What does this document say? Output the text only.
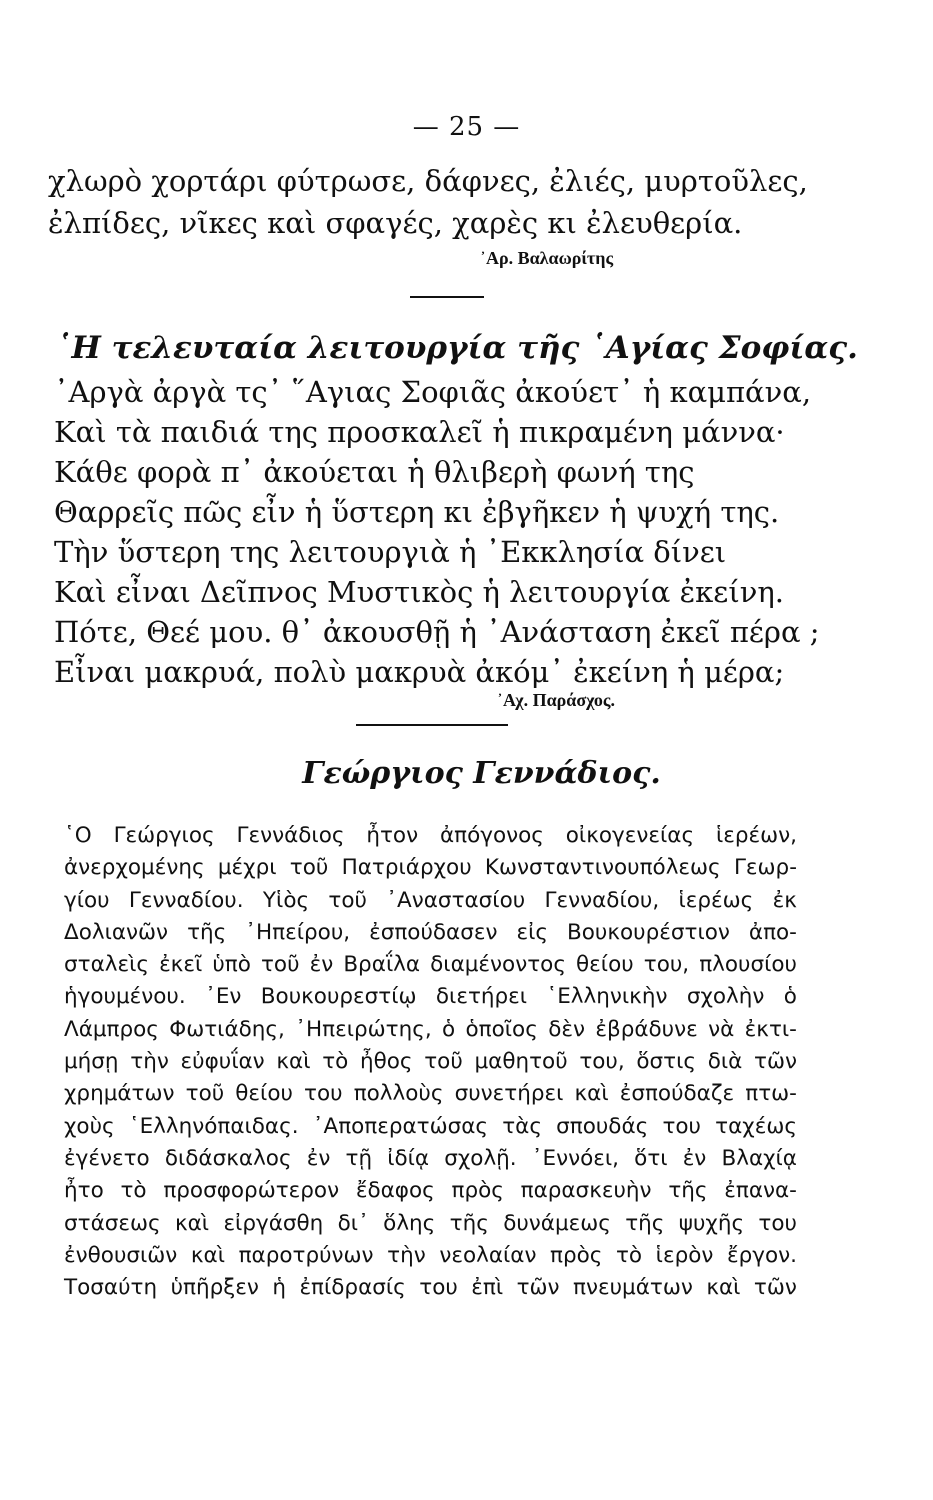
— 25 —
χλωρὸ χορτάρι φύτρωσε, δάφνες, ἐλιές, μυρτοῦλες,
ἐλπίδες, νῖκες καὶ σφαγές, χαρὲς κι ἐλευθερία.
᾿Αρ. Βαλαωρίτης
῾Η τελευταία λειτουργία τῆς ῾Αγίας Σοφίας.
᾿Αργὰ ἀργὰ τς᾿ ῞Αγιας Σοφιᾶς ἀκούετ᾿ ἡ καμπάνα,
Καὶ τὰ παιδιά της προσκαλεῖ ἡ πικραμένη μάννα·
Κάθε φορὰ π᾿ ἀκούεται ἡ θλιβερὴ φωνή της
Θαρρεῖς πῶς εἶν ἡ ὕστερη κι ἐβγῆκεν ἡ ψυχή της.
Τὴν ὕστερη της λειτουργιὰ ἡ ᾿Εκκλησία δίνει
Καὶ εἶναι Δεῖπνος Μυστικὸς ἡ λειτουργία ἐκείνη.
Πότε, Θεέ μου. θ᾿ ἀκουσθῇ ἡ ᾿Ανάσταση ἐκεῖ πέρα ;
Εἶναι μακρυά, πολὺ μακρυὰ ἀκόμ᾿ ἐκείνη ἡ μέρα;
᾿Αχ. Παράσχος.
Γεώργιος Γεννάδιος.
῾Ο Γεώργιος Γεννάδιος ἦτον ἀπόγονος οἰκογενείας ἱερέων,
ἀνερχομένης μέχρι τοῦ Πατριάρχου Κωνσταντινουπόλεως Γεωρ-
γίου Γενναδίου. Υἱὸς τοῦ ᾿Αναστασίου Γενναδίου, ἱερέως ἐκ
Δολιανῶν τῆς ᾿Ηπείρου, ἐσπούδασεν εἰς Βουκουρέστιον ἀπο-
σταλεὶς ἐκεῖ ὑπὸ τοῦ ἐν Βραΐλα διαμένοντος θείου του, πλουσίου
ἡγουμένου. ᾿Εν Βουκουρεστίῳ διετήρει ῾Ελληνικὴν σχολὴν ὁ
Λάμπρος Φωτιάδης, ᾿Ηπειρώτης, ὁ ὁποῖος δὲν ἐβράδυνε νὰ ἐκτι-
μήσῃ τὴν εὐφυΐαν καὶ τὸ ἦθος τοῦ μαθητοῦ του, ὅστις διὰ τῶν
χρημάτων τοῦ θείου του πολλοὺς συνετήρει καὶ ἐσπούδαζε πτω-
χοὺς ῾Ελληνόπαιδας. ᾿Αποπερατώσας τὰς σπουδάς του ταχέως
ἐγένετο διδάσκαλος ἐν τῇ ἰδίᾳ σχολῇ. ᾿Εννόει, ὅτι ἐν Βλαχίᾳ
ἦτο τὸ προσφορώτερον ἔδαφος πρὸς παρασκευὴν τῆς ἐπανα-
στάσεως καὶ εἰργάσθη δι᾿ ὅλης τῆς δυνάμεως τῆς ψυχῆς του
ἐνθουσιῶν καὶ παροτρύνων τὴν νεολαίαν πρὸς τὸ ἱερὸν ἔργον.
Τοσαύτη ὑπῆρξεν ἡ ἐπίδρασίς του ἐπὶ τῶν πνευμάτων καὶ τῶν
